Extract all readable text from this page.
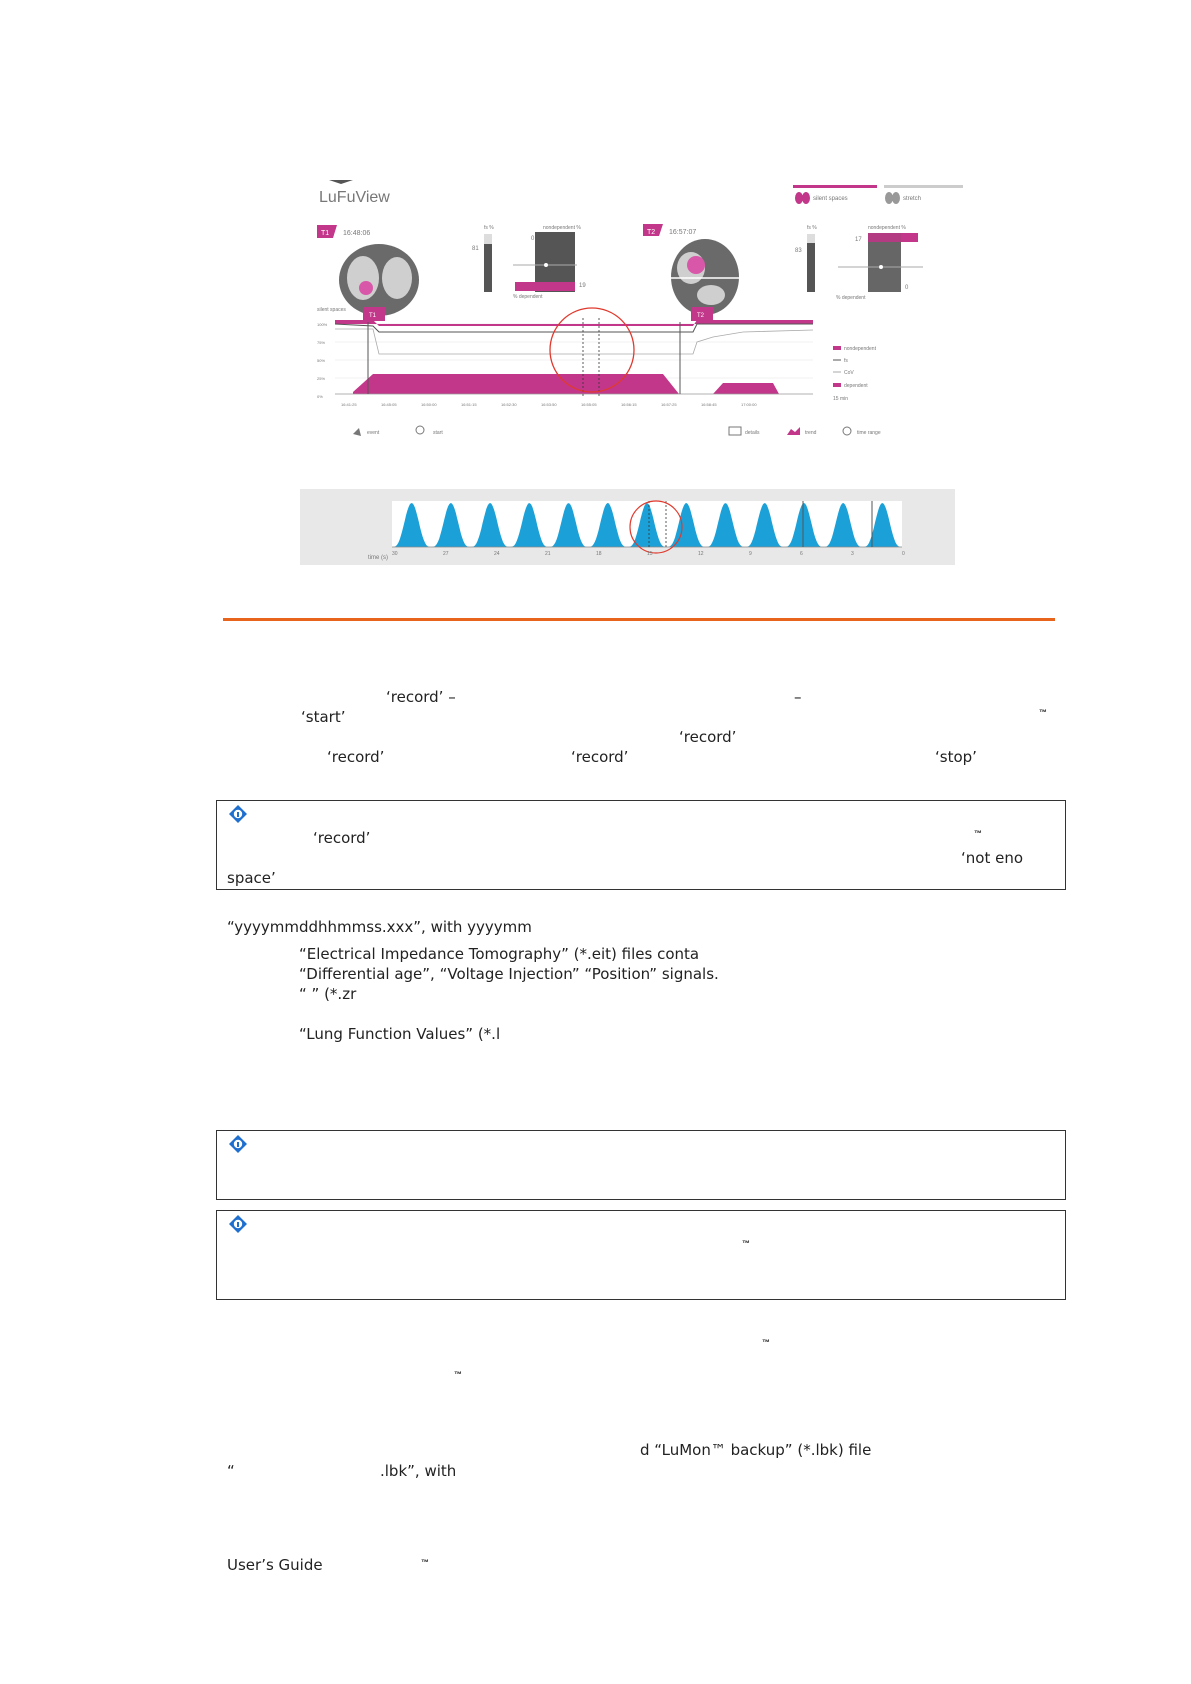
LuFuView	silent spaces	stretch
T1 16:48:06
fs %
81
nondependent %
0
19
% dependent
T2 16:57:07
fs %
83
nondependent %
17
0
% dependent
silent spaces
T1	T2
100%
75%
50%
25%
0%
16:41:25	16:45:05	16:50:00	16:51:15	16:52:30	16:53:50	16:55:05	16:56:15	16:57:25	16:58:45	17:00:00
nondependent
fs
CoV
dependent
15 min
event	start	details	trend	time range
time (s)
30	27	24	21	18	15	12	9	6	3	0
‘record’ –	–
‘start’	™
‘record’
‘record’	‘record’	‘stop’
‘record’	™
‘not eno
space’
“yyyymmddhhmmss.xxx”, with yyyymm
“Electrical Impedance Tomography” (*.eit) files conta
“Differential age”, “Voltage Injection” “Position” signals.
“ ” (*.zr
“Lung Function Values” (*.l
™
™
™
d “LuMon™ backup” (*.lbk) file
“	.lbk”, with
User’s Guide	™
